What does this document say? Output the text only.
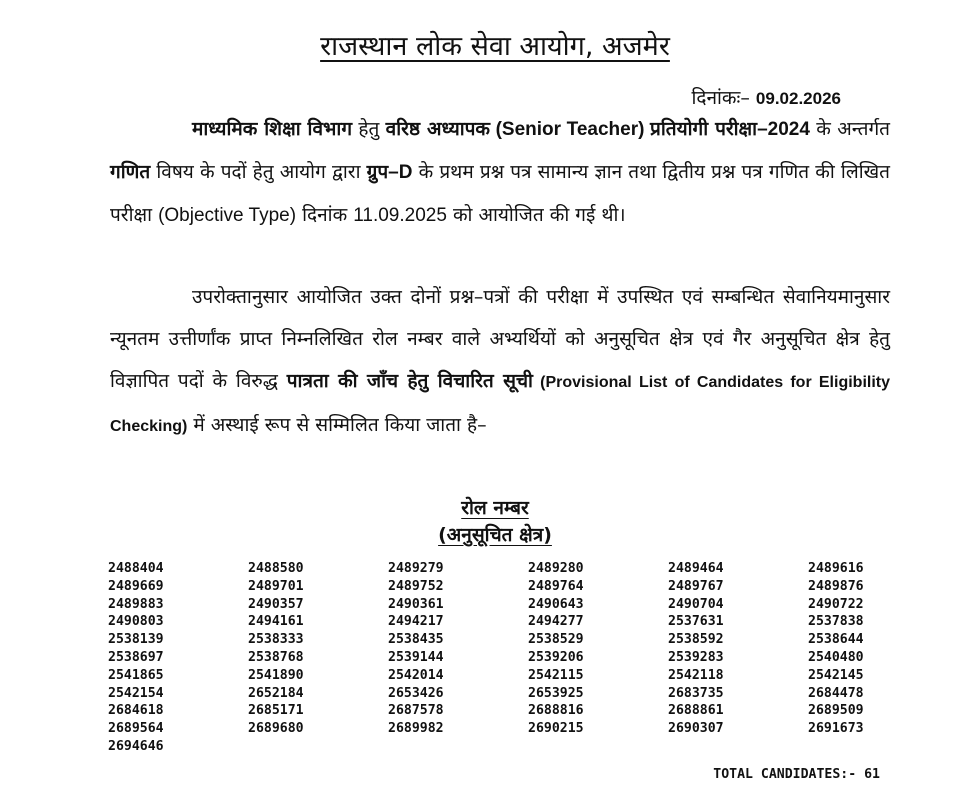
राजस्थान लोक सेवा आयोग, अजमेर
दिनांकः– 09.02.2026

माध्यमिक शिक्षा विभाग हेतु वरिष्ठ अध्यापक (Senior Teacher) प्रतियोगी परीक्षा–2024 के अन्तर्गत गणित विषय के पदों हेतु आयोग द्वारा ग्रुप–D के प्रथम प्रश्न पत्र सामान्य ज्ञान तथा द्वितीय प्रश्न पत्र गणित की लिखित परीक्षा (Objective Type) दिनांक 11.09.2025 को आयोजित की गई थी।

उपरोक्तानुसार आयोजित उक्त दोनों प्रश्न–पत्रों की परीक्षा में उपस्थित एवं सम्बन्धित सेवानियमानुसार न्यूनतम उत्तीर्णांक प्राप्त निम्नलिखित रोल नम्बर वाले अभ्यर्थियों को अनुसूचित क्षेत्र एवं गैर अनुसूचित क्षेत्र हेतु विज्ञापित पदों के विरुद्ध पात्रता की जाँच हेतु विचारित सूची (Provisional List of Candidates for Eligibility Checking) में अस्थाई रूप से सम्मिलित किया जाता है–

रोल नम्बर
(अनुसूचित क्षेत्र)
2488404	2488580	2489279	2489280	2489464	2489616
2489669	2489701	2489752	2489764	2489767	2489876
2489883	2490357	2490361	2490643	2490704	2490722
2490803	2494161	2494217	2494277	2537631	2537838
2538139	2538333	2538435	2538529	2538592	2538644
2538697	2538768	2539144	2539206	2539283	2540480
2541865	2541890	2542014	2542115	2542118	2542145
2542154	2652184	2653426	2653925	2683735	2684478
2684618	2685171	2687578	2688816	2688861	2689509
2689564	2689680	2689982	2690215	2690307	2691673
2694646
TOTAL CANDIDATES:- 61
